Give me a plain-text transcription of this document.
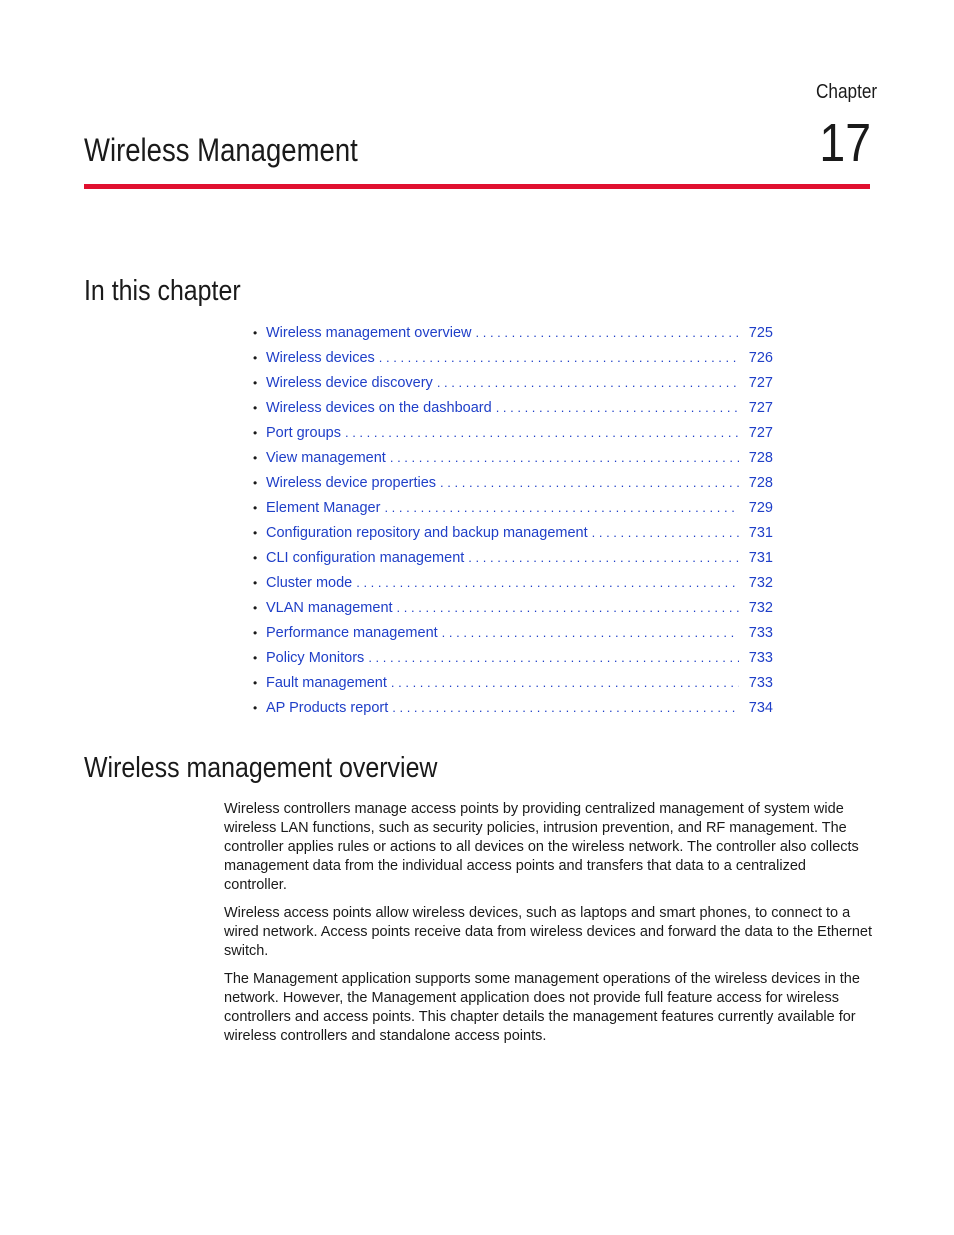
Chapter
17
Wireless Management
In this chapter
• Wireless management overview . . .	725
• Wireless devices . . .	726
• Wireless device discovery . . .	727
• Wireless devices on the dashboard . . .	727
• Port groups . . .	727
• View management . . .	728
• Wireless device properties . . .	728
• Element Manager . . .	729
• Configuration repository and backup management . . .	731
• CLI configuration management . . .	731
• Cluster mode . . .	732
• VLAN management . . .	732
• Performance management . . .	733
• Policy Monitors . . .	733
• Fault management . . .	733
• AP Products report . . .	734
Wireless management overview

Wireless controllers manage access points by providing centralized management of system wide wireless LAN functions, such as security policies, intrusion prevention, and RF management. The controller applies rules or actions to all devices on the wireless network. The controller also collects management data from the individual access points and transfers that data to a centralized controller.

Wireless access points allow wireless devices, such as laptops and smart phones, to connect to a wired network. Access points receive data from wireless devices and forward the data to the Ethernet switch.

The Management application supports some management operations of the wireless devices in the network. However, the Management application does not provide full feature access for wireless controllers and access points. This chapter details the management features currently available for wireless controllers and standalone access points.
